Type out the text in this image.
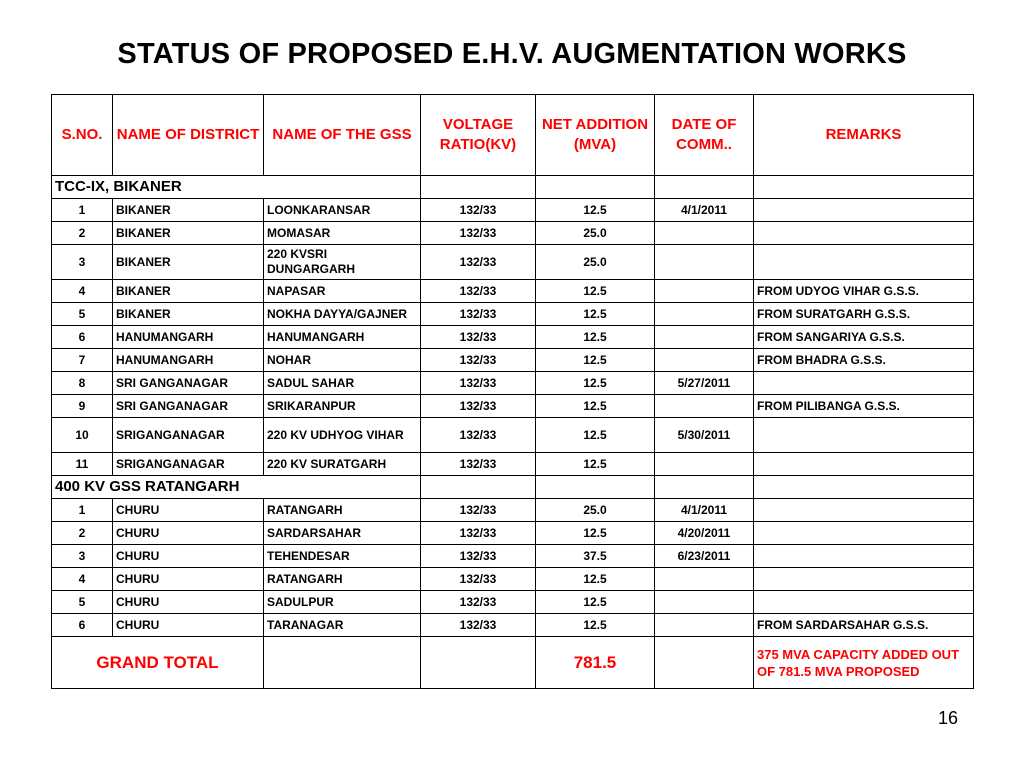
STATUS OF PROPOSED E.H.V. AUGMENTATION WORKS
S.NO.	NAME OF DISTRICT	NAME OF THE GSS	VOLTAGE RATIO(KV)	NET ADDITION (MVA)	DATE OF COMM..	REMARKS
TCC-IX, BIKANER						
1	BIKANER	LOONKARANSAR	132/33	12.5	4/1/2011	
2	BIKANER	MOMASAR	132/33	25.0		
3	BIKANER	220 KVSRI DUNGARGARH	132/33	25.0		
4	BIKANER	NAPASAR	132/33	12.5		FROM UDYOG VIHAR G.S.S.
5	BIKANER	NOKHA DAYYA/GAJNER	132/33	12.5		FROM SURATGARH G.S.S.
6	HANUMANGARH	HANUMANGARH	132/33	12.5		FROM SANGARIYA G.S.S.
7	HANUMANGARH	NOHAR	132/33	12.5		FROM BHADRA G.S.S.
8	SRI GANGANAGAR	SADUL SAHAR	132/33	12.5	5/27/2011	
9	SRI GANGANAGAR	SRIKARANPUR	132/33	12.5		FROM PILIBANGA G.S.S.
10	SRIGANGANAGAR	220 KV UDHYOG VIHAR	132/33	12.5	5/30/2011	
11	SRIGANGANAGAR	220 KV SURATGARH	132/33	12.5		
400 KV GSS RATANGARH						
1	CHURU	RATANGARH	132/33	25.0	4/1/2011	
2	CHURU	SARDARSAHAR	132/33	12.5	4/20/2011	
3	CHURU	TEHENDESAR	132/33	37.5	6/23/2011	
4	CHURU	RATANGARH	132/33	12.5		
5	CHURU	SADULPUR	132/33	12.5		
6	CHURU	TARANAGAR	132/33	12.5		FROM SARDARSAHAR G.S.S.
GRAND TOTAL				781.5		375 MVA CAPACITY ADDED OUT OF 781.5 MVA PROPOSED
16
